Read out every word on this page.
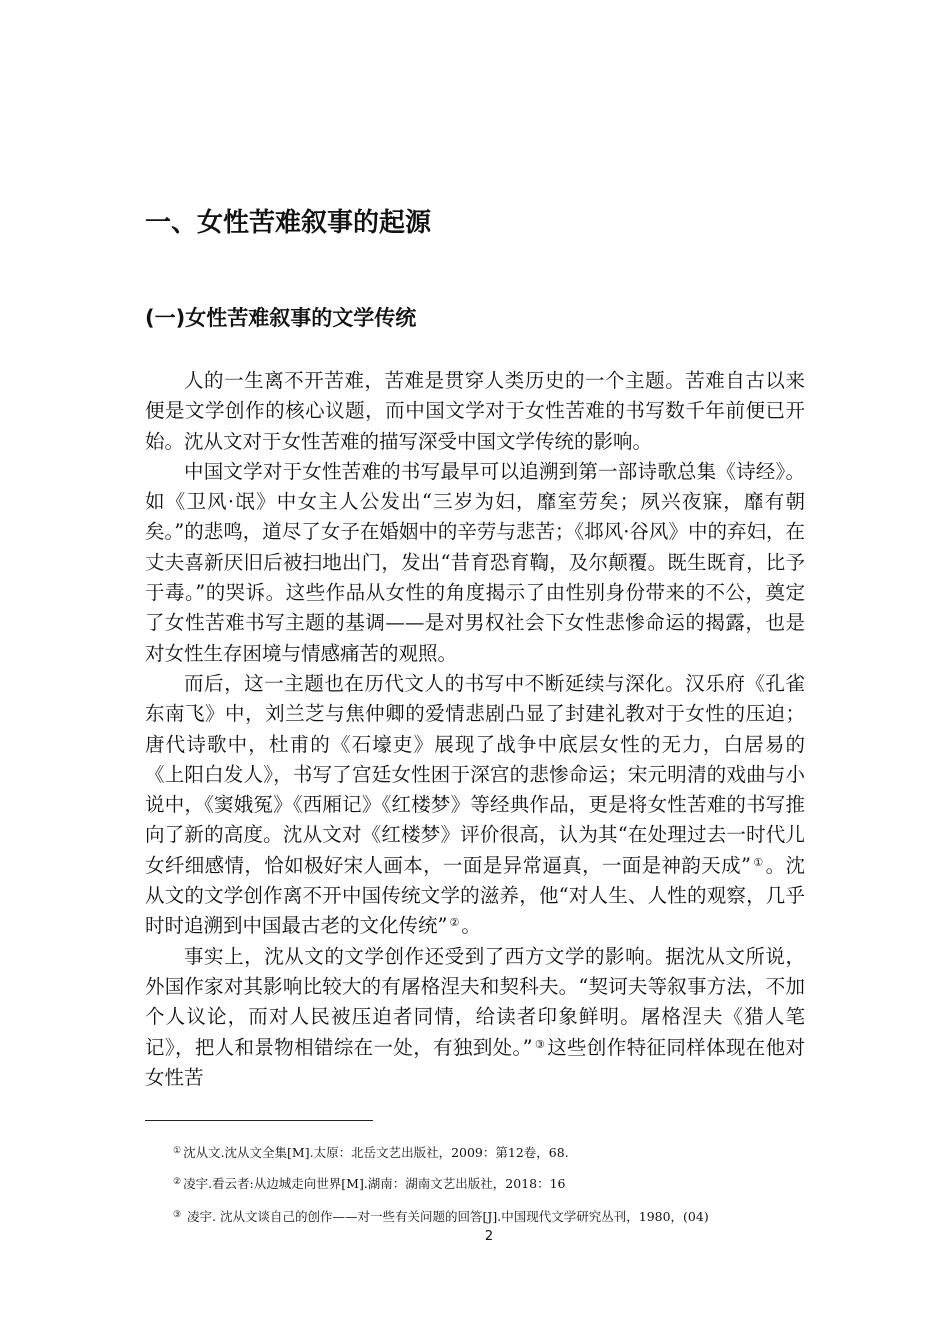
一、女性苦难叙事的起源
(一)女性苦难叙事的文学传统

人的一生离不开苦难，苦难是贯穿人类历史的一个主题。苦难自古以来便是文学创作的核心议题，而中国文学对于女性苦难的书写数千年前便已开始。沈从文对于女性苦难的描写深受中国文学传统的影响。

中国文学对于女性苦难的书写最早可以追溯到第一部诗歌总集《诗经》。如《卫风·氓》中女主人公发出“三岁为妇，靡室劳矣；夙兴夜寐，靡有朝矣。”的悲鸣，道尽了女子在婚姻中的辛劳与悲苦；《邶风·谷风》中的弃妇，在丈夫喜新厌旧后被扫地出门，发出“昔育恐育鞫，及尔颠覆。既生既育，比予于毒。”的哭诉。这些作品从女性的角度揭示了由性别身份带来的不公，奠定了女性苦难书写主题的基调——是对男权社会下女性悲惨命运的揭露，也是对女性生存困境与情感痛苦的观照。

而后，这一主题也在历代文人的书写中不断延续与深化。汉乐府《孔雀东南飞》中，刘兰芝与焦仲卿的爱情悲剧凸显了封建礼教对于女性的压迫；唐代诗歌中，杜甫的《石壕吏》展现了战争中底层女性的无力，白居易的《上阳白发人》，书写了宫廷女性困于深宫的悲惨命运；宋元明清的戏曲与小说中，《窦娥冤》《西厢记》《红楼梦》等经典作品，更是将女性苦难的书写推向了新的高度。沈从文对《红楼梦》评价很高，认为其“在处理过去一时代儿女纤细感情，恰如极好宋人画本，一面是异常逼真，一面是神韵天成” ① 。沈从文的文学创作离不开中国传统文学的滋养，他“对人生、人性的观察，几乎时时追溯到中国最古老的文化传统” ② 。

事实上，沈从文的文学创作还受到了西方文学的影响。据沈从文所说，外国作家对其影响比较大的有屠格涅夫和契科夫。“契诃夫等叙事方法，不加个人议论，而对人民被压迫者同情，给读者印象鲜明。屠格涅夫《猎人笔记》，把人和景物相错综在一处，有独到处。” ③ 这些创作特征同样体现在他对女性苦

① 沈从文.沈从文全集[M].太原：北岳文艺出版社，2009：第12卷，68.

② 凌宇.看云者:从边城走向世界[M].湖南：湖南文艺出版社，2018：16

③ 凌宇. 沈从文谈自己的创作——对一些有关问题的回答[J].中国现代文学研究丛刊，1980，(04)

2
